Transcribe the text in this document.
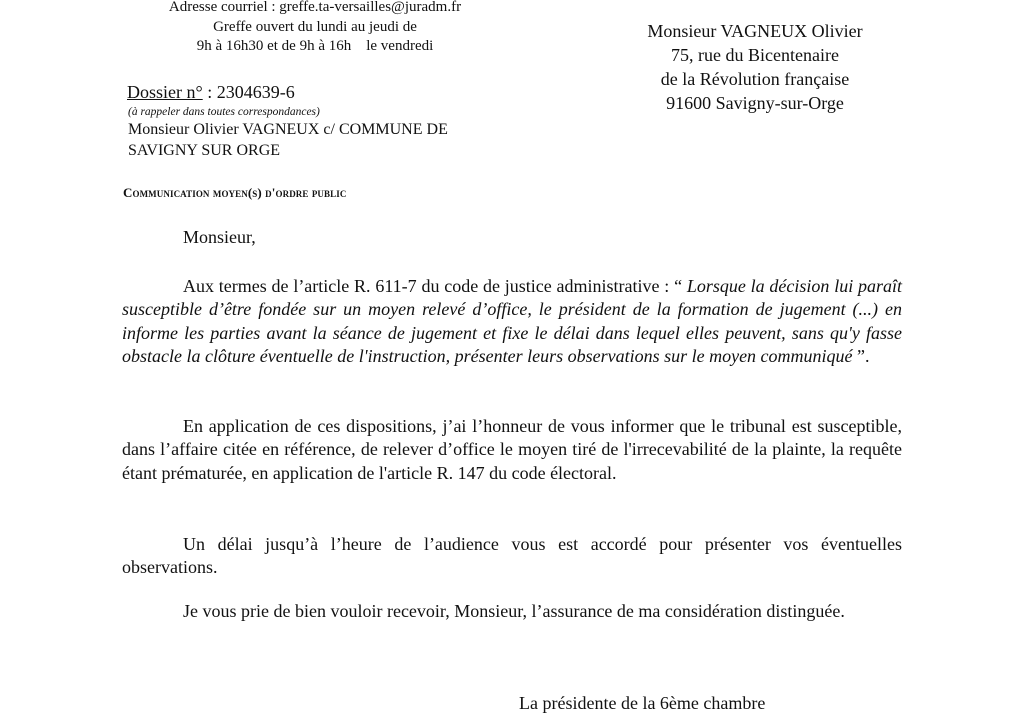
Adresse courriel : greffe.ta-versailles@juradm.fr
Greffe ouvert du lundi au jeudi de
9h à 16h30 et de 9h à 16h    le vendredi
Monsieur VAGNEUX Olivier
75, rue du Bicentenaire
de la Révolution française
91600 Savigny-sur-Orge
Dossier n° : 2304639-6
(à rappeler dans toutes correspondances)
Monsieur Olivier VAGNEUX c/ COMMUNE DE SAVIGNY SUR ORGE
Communication moyen(s) d'ordre public
Monsieur,
Aux termes de l’article R. 611-7 du code de justice administrative : “ Lorsque la décision lui paraît susceptible d’être fondée sur un moyen relevé d’office, le président de la formation de jugement (...) en informe les parties avant la séance de jugement et fixe le délai dans lequel elles peuvent, sans qu'y fasse obstacle la clôture éventuelle de l'instruction, présenter leurs observations sur le moyen communiqué ”.
En application de ces dispositions, j’ai l’honneur de vous informer que le tribunal est susceptible, dans l’affaire citée en référence, de relever d’office le moyen tiré de l'irrecevabilité de la plainte, la requête étant prématurée, en application de l'article R. 147 du code électoral.
Un délai jusqu’à l’heure de l’audience vous est accordé pour présenter vos éventuelles observations.
Je vous prie de bien vouloir recevoir, Monsieur, l’assurance de ma considération distinguée.
La présidente de la 6ème chambre
